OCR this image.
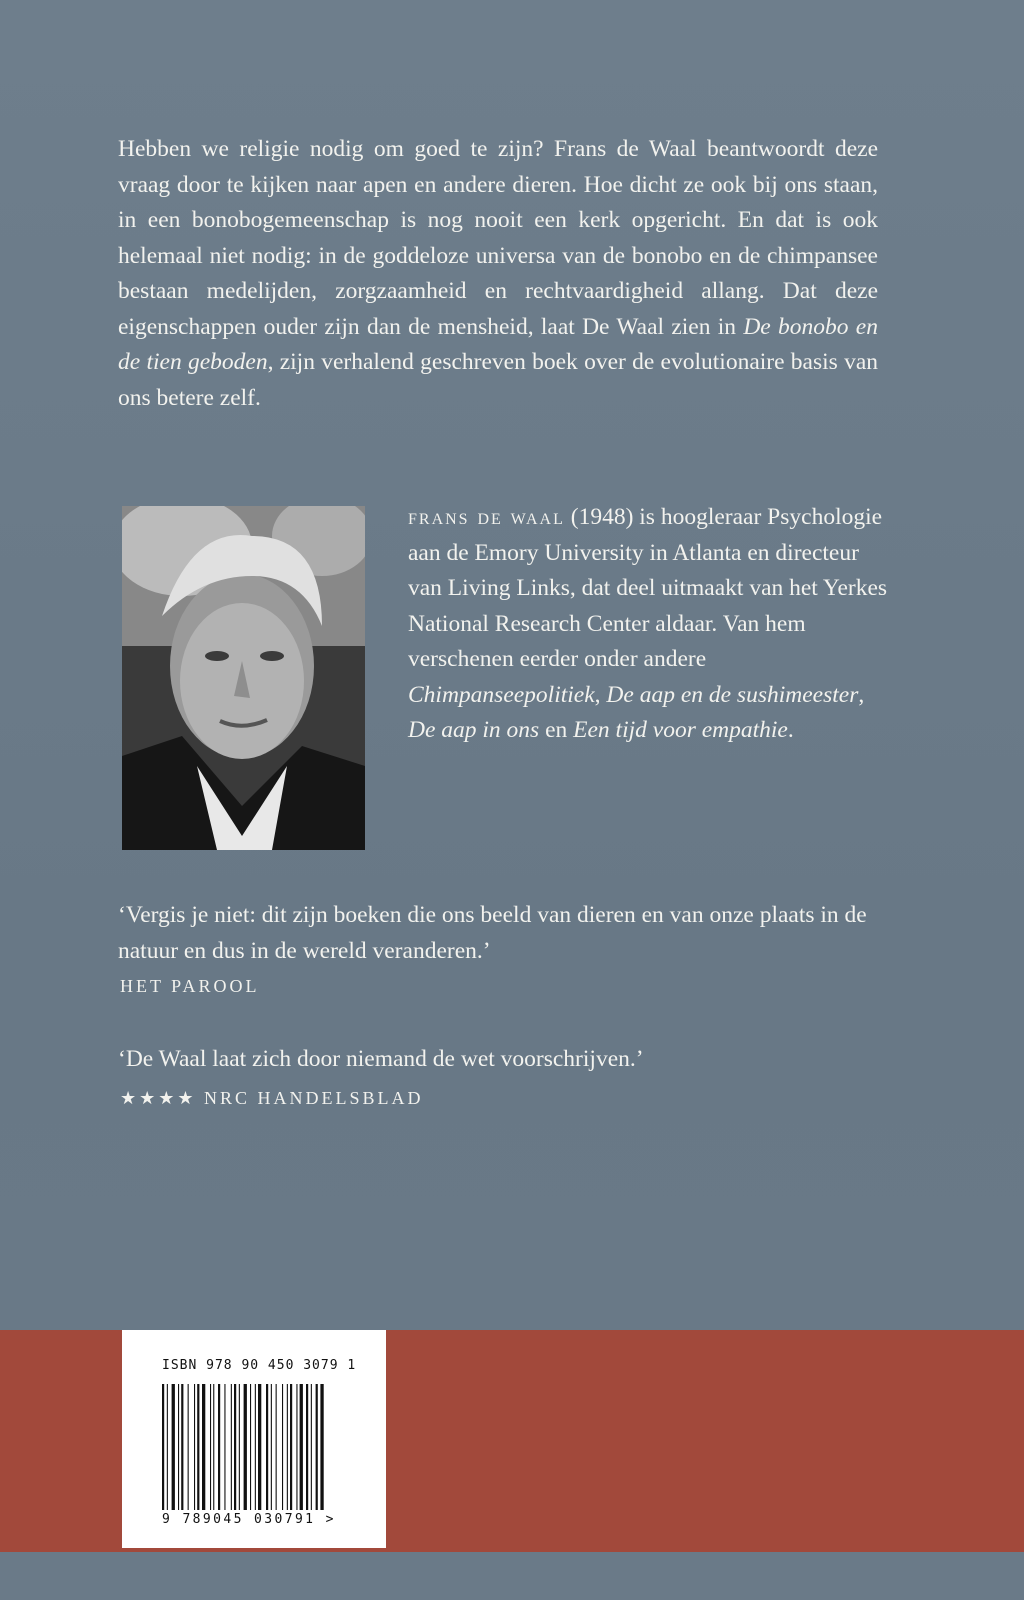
Hebben we religie nodig om goed te zijn? Frans de Waal beantwoordt deze vraag door te kijken naar apen en andere dieren. Hoe dicht ze ook bij ons staan, in een bonobogemeenschap is nog nooit een kerk opgericht. En dat is ook helemaal niet nodig: in de goddeloze universa van de bonobo en de chimpansee bestaan medelijden, zorgzaamheid en rechtvaardigheid allang. Dat deze eigenschappen ouder zijn dan de mensheid, laat De Waal zien in De bonobo en de tien geboden, zijn verhalend geschreven boek over de evolutionaire basis van ons betere zelf.

frans de waal (1948) is hoogleraar Psychologie aan de Emory University in Atlanta en directeur van Living Links, dat deel uitmaakt van het Yerkes National Research Center aldaar. Van hem verschenen eerder onder andere Chimpanseepolitiek, De aap en de sushimeester, De aap in ons en Een tijd voor empathie.

‘Vergis je niet: dit zijn boeken die ons beeld van dieren en van onze plaats in de natuur en dus in de wereld veranderen.’

HET PAROOL

‘De Waal laat zich door niemand de wet voorschrijven.’

★★★★ NRC HANDELSBLAD

ISBN 978 90 450 3079 1
9 789045 030791 >
